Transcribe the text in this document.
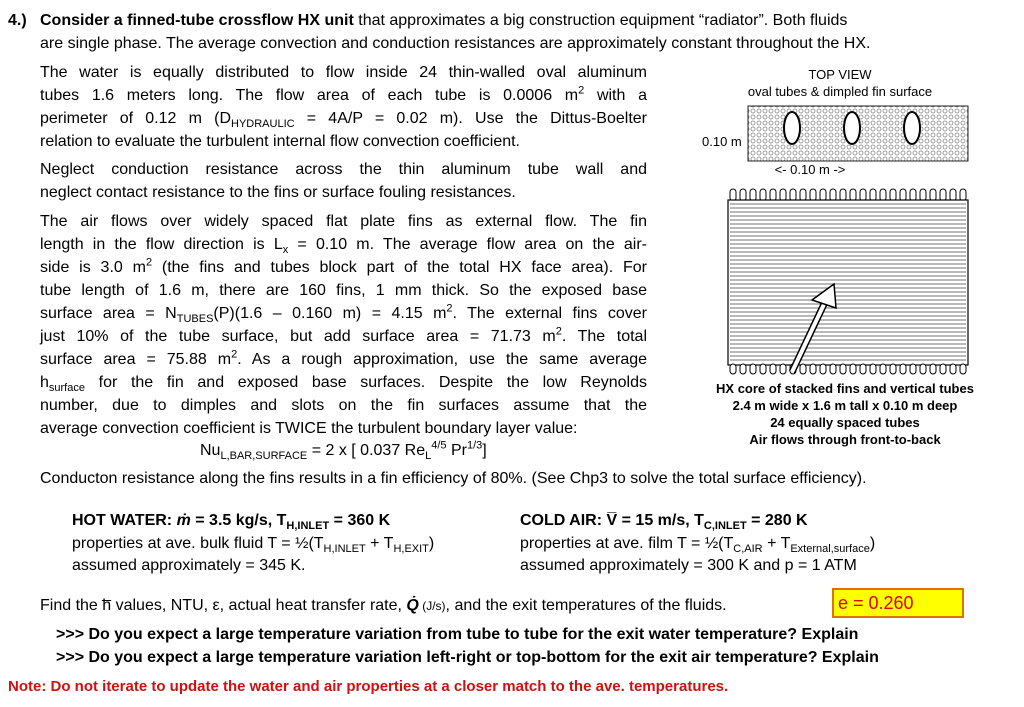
4.) Consider a finned-tube crossflow HX unit that approximates a big construction equipment “radiator”. Both fluids
are single phase. The average convection and conduction resistances are approximately constant throughout the HX.
The water is equally distributed to flow inside 24 thin-walled oval aluminum
tubes 1.6 meters long. The flow area of each tube is 0.0006 $m^2$ with a
perimeter of 0.12 m ($D_{HYDRAULIC} = 4A/P = 0.02$ m). Use the Dittus-Boelter
relation to evaluate the turbulent internal flow convection coefficient.
Neglect conduction resistance across the thin aluminum tube wall and
neglect contact resistance to the fins or surface fouling resistances.
The air flows over widely spaced flat plate fins as external flow. The fin
length in the flow direction is $L_x = 0.10$ m. The average flow area on the air-
side is 3.0 $m^2$ (the fins and tubes block part of the total HX face area). For
tube length of 1.6 m, there are 160 fins, 1 mm thick. So the exposed base
surface area = $N_{TUBES}(P)(1.6 - 0.160$ m) = 4.15 $m^2$. The external fins cover
just 10% of the tube surface, but add surface area = 71.73 $m^2$. The total
surface area = 75.88 $m^2$. As a rough approximation, use the same average
$h_{surface}$ for the fin and exposed base surfaces. Despite the low Reynolds
number, due to dimples and slots on the fin surfaces assume that the
average convection coefficient is TWICE the turbulent boundary layer value:
$Nu_{L,BAR,SURFACE} = 2$ x [ 0.037 $Re_L^{4/5}$ $Pr^{1/3}$]
Conducton resistance along the fins results in a fin efficiency of 80%. (See Chp3 to solve the total surface efficiency).
HOT WATER: ṁ = 3.5 kg/s, $T_{H,INLET} = 360$ K
properties at ave. bulk fluid $T = \frac{1}{2}(T_{H,INLET} + T_{H,EXIT})$
assumed approximately = 345 K.
COLD AIR: V̅ = 15 m/s, $T_{C,INLET} = 280$ K
properties at ave. film $T = \frac{1}{2}(T_{C,AIR} + T_{External,surface})$
assumed approximately = 300 K and p = 1 ATM
Find the h̅ values, NTU, ε, actual heat transfer rate, Q̇ (J/s), and the exit temperatures of the fluids.	e = 0.260
>>> Do you expect a large temperature variation from tube to tube for the exit water temperature? Explain
>>> Do you expect a large temperature variation left-right or top-bottom for the exit air temperature? Explain
Note: Do not iterate to update the water and air properties at a closer match to the ave. temperatures.
TOP VIEW
oval tubes & dimpled fin surface
0.10 m
<- 0.10 m ->
HX core of stacked fins and vertical tubes
2.4 m wide x 1.6 m tall x 0.10 m deep
24 equally spaced tubes
Air flows through front-to-back
